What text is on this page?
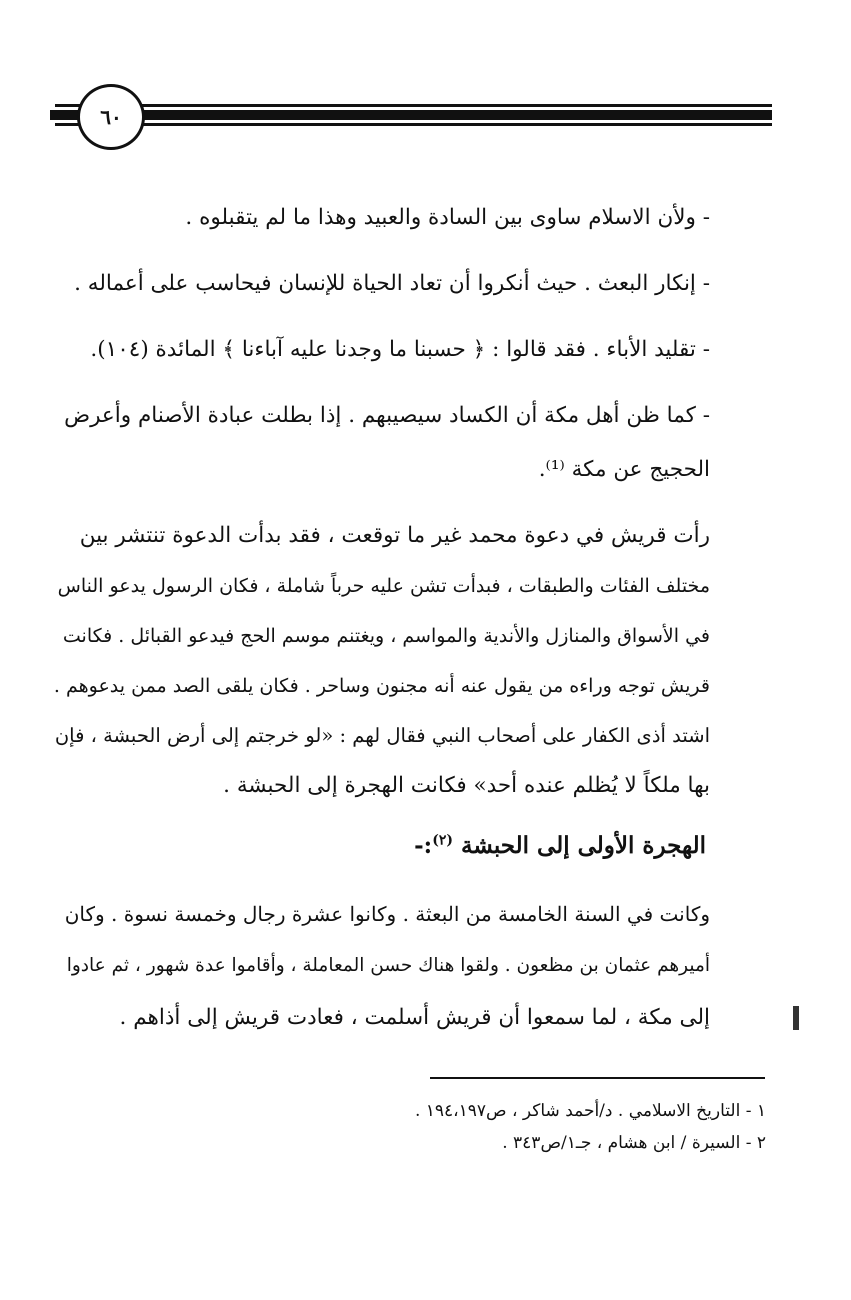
٦٠
- ولأن الاسلام ساوى بين السادة والعبيد وهذا ما لم يتقبلوه .
- إنكار البعث . حيث أنكروا أن تعاد الحياة للإنسان فيحاسب على أعماله .
- تقليد الأباء . فقد قالوا : ﴿ حسبنا ما وجدنا عليه آباءنا ﴾ المائدة (١٠٤).
- كما ظن أهل مكة أن الكساد سيصيبهم . إذا بطلت عبادة الأصنام وأعرض
الحجيج عن مكة ⁽¹⁾.
رأت قريش في دعوة محمد غير ما توقعت ، فقد بدأت الدعوة تنتشر بين
مختلف الفئات والطبقات ، فبدأت تشن عليه حرباً شاملة ، فكان الرسول يدعو الناس
في الأسواق والمنازل والأندية والمواسم ، ويغتنم موسم الحج فيدعو القبائل . فكانت
قريش توجه وراءه من يقول عنه أنه مجنون وساحر . فكان يلقى الصد ممن يدعوهم .
اشتد أذى الكفار على أصحاب النبي فقال لهم : «لو خرجتم إلى أرض الحبشة ، فإن
بها ملكاً لا يُظلم عنده أحد» فكانت الهجرة إلى الحبشة .
الهجرة الأولى إلى الحبشة $^{(٢)}$:-
وكانت في السنة الخامسة من البعثة . وكانوا عشرة رجال وخمسة نسوة . وكان
أميرهم عثمان بن مظعون . ولقوا هناك حسن المعاملة ، وأقاموا عدة شهور ، ثم عادوا
إلى مكة ، لما سمعوا أن قريش أسلمت ، فعادت قريش إلى أذاهم .
١ - التاريخ الاسلامي . د/أحمد شاكر ، ص١٩٤،١٩٧ .
٢ - السيرة / ابن هشام ، جـ١/ص٣٤٣ .
